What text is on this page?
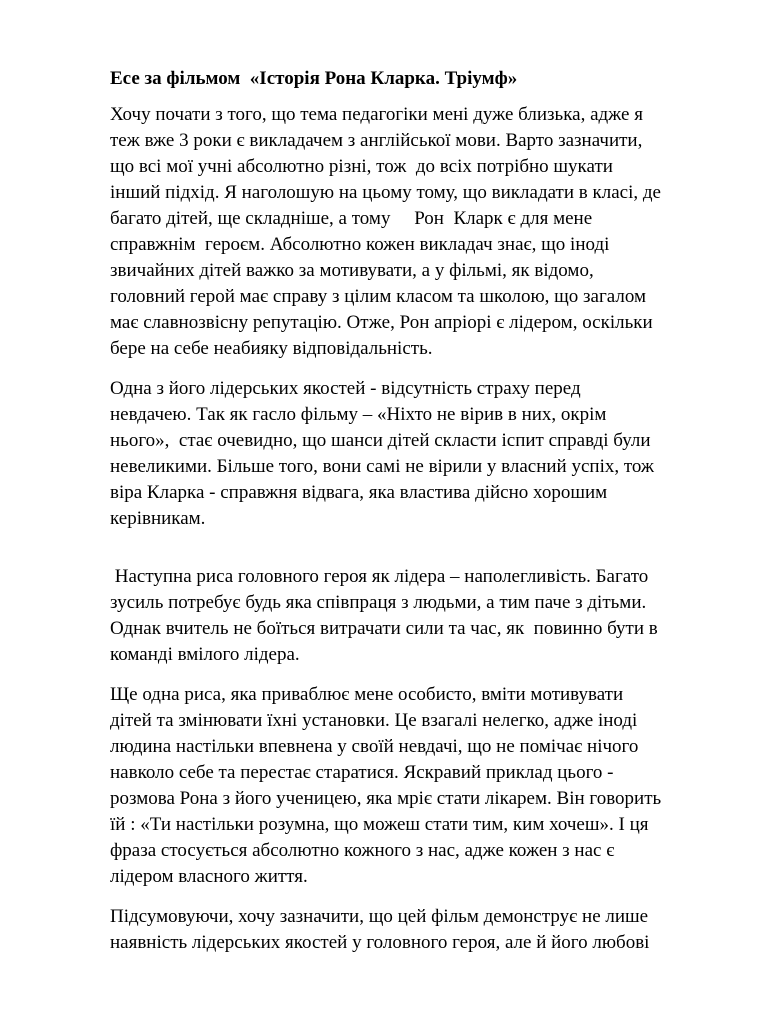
Есе за фільмом  «Історія Рона Кларка. Тріумф»
Хочу почати з того, що тема педагогіки мені дуже близька, адже я
теж вже 3 роки є викладачем з англійської мови. Варто зазначити,
що всі мої учні абсолютно різні, тож  до всіх потрібно шукати
інший підхід. Я наголошую на цьому тому, що викладати в класі, де
багато дітей, ще складніше, а тому     Рон  Кларк є для мене
справжнім  героєм. Абсолютно кожен викладач знає, що іноді
звичайних дітей важко за мотивувати, а у фільмі, як відомо,
головний герой має справу з цілим класом та школою, що загалом
має славнозвісну репутацію. Отже, Рон апріорі є лідером, оскільки
бере на себе неабияку відповідальність.
Одна з його лідерських якостей - відсутність страху перед
невдачею. Так як гасло фільму – «Ніхто не вірив в них, окрім
нього»,  стає очевидно, що шанси дітей скласти іспит справді були
невеликими. Більше того, вони самі не вірили у власний успіх, тож
віра Кларка - справжня відвага, яка властива дійсно хорошим
керівникам.
Наступна риса головного героя як лідера – наполегливість. Багато
зусиль потребує будь яка співпраця з людьми, а тим паче з дітьми.
Однак вчитель не боїться витрачати сили та час, як  повинно бути в
команді вмілого лідера.
Ще одна риса, яка приваблює мене особисто, вміти мотивувати
дітей та змінювати їхні установки. Це взагалі нелегко, адже іноді
людина настільки впевнена у своїй невдачі, що не помічає нічого
навколо себе та перестає старатися. Яскравий приклад цього -
розмова Рона з його ученицею, яка мріє стати лікарем. Він говорить
їй : «Ти настільки розумна, що можеш стати тим, ким хочеш». І ця
фраза стосується абсолютно кожного з нас, адже кожен з нас є
лідером власного життя.
Підсумовуючи, хочу зазначити, що цей фільм демонструє не лише
наявність лідерських якостей у головного героя, але й його любові
